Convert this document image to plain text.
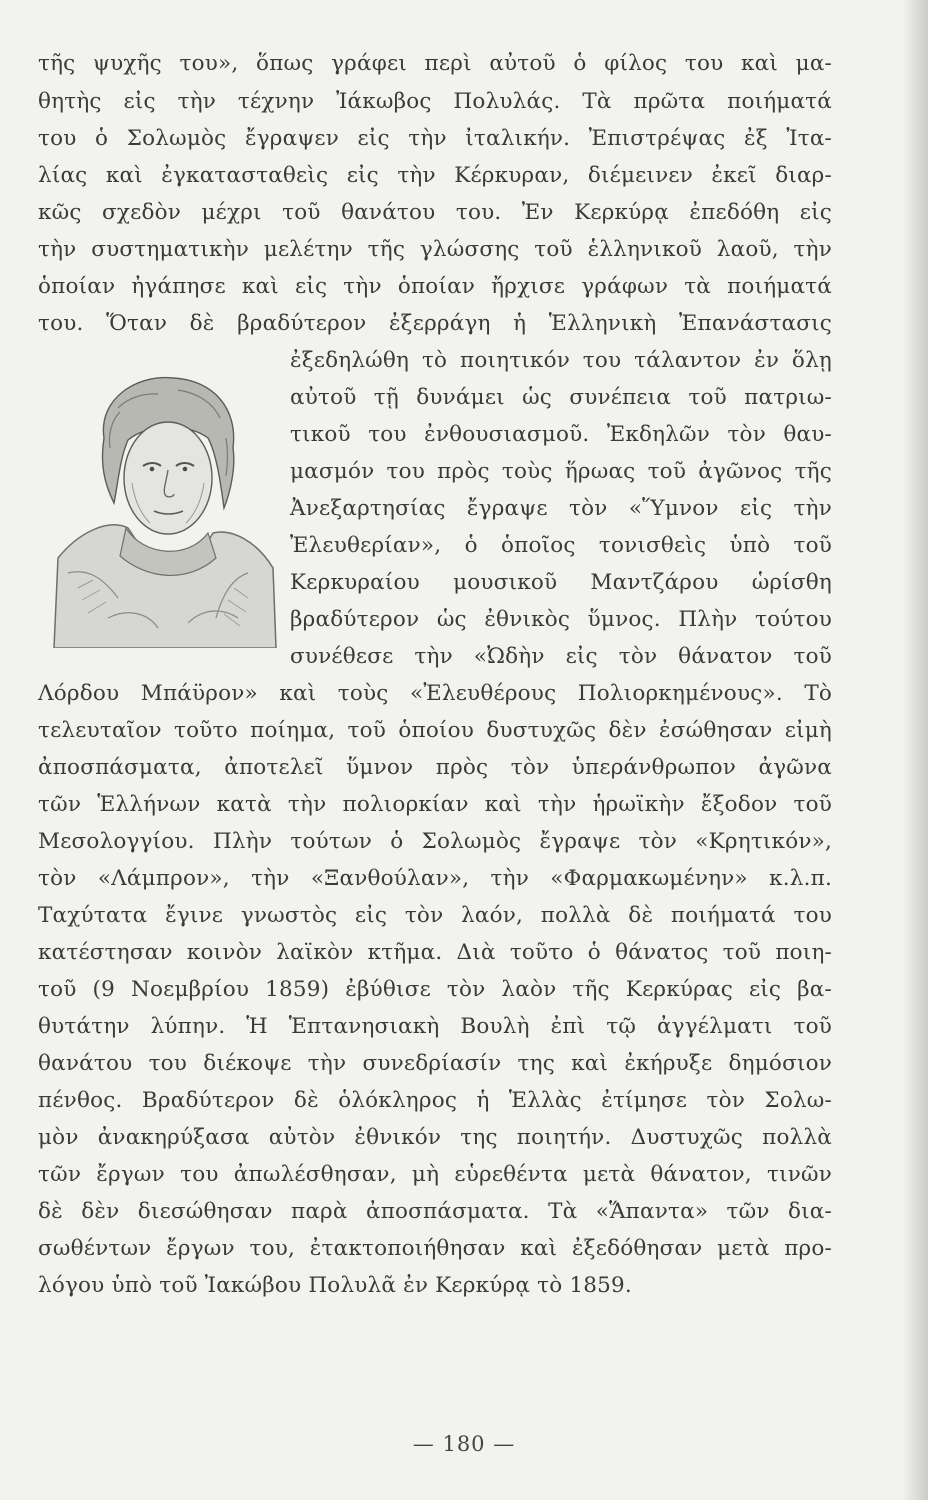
τῆς ψυχῆς του», ὅπως γράφει περὶ αὐτοῦ ὁ φίλος του καὶ μα-
θητὴς εἰς τὴν τέχνην Ἰάκωβος Πολυλάς. Τὰ πρῶτα ποιήματά
του ὁ Σολωμὸς ἔγραψεν εἰς τὴν ἰταλικήν. Ἐπιστρέψας ἐξ Ἰτα-
λίας καὶ ἐγκατασταθεὶς εἰς τὴν Κέρκυραν, διέμεινεν ἐκεῖ διαρ-
κῶς σχεδὸν μέχρι τοῦ θανάτου του. Ἐν Κερκύρᾳ ἐπεδόθη εἰς
τὴν συστηματικὴν μελέτην τῆς γλώσσης τοῦ ἑλληνικοῦ λαοῦ, τὴν
ὁποίαν ἠγάπησε καὶ εἰς τὴν ὁποίαν ἤρχισε γράφων τὰ ποιήματά
του. Ὅταν δὲ βραδύτερον ἐξερράγη ἡ Ἑλληνικὴ Ἐπανάστασις
ἐξεδηλώθη τὸ ποιητικόν του τάλαντον ἐν ὅλῃ
αὐτοῦ τῇ δυνάμει ὡς συνέπεια τοῦ πατριω-
τικοῦ του ἐνθουσιασμοῦ. Ἐκδηλῶν τὸν θαυ-
μασμόν του πρὸς τοὺς ἥρωας τοῦ ἀγῶνος τῆς
Ἀνεξαρτησίας ἔγραψε τὸν «Ὕμνον εἰς τὴν
Ἐλευθερίαν», ὁ ὁποῖος τονισθεὶς ὑπὸ τοῦ
Κερκυραίου μουσικοῦ Μαντζάρου ὡρίσθη
βραδύτερον ὡς ἐθνικὸς ὕμνος. Πλὴν τούτου
συνέθεσε τὴν «Ὠδὴν εἰς τὸν θάνατον τοῦ
Λόρδου Μπάϋρον» καὶ τοὺς «Ἐλευθέρους Πολιορκημένους». Τὸ
τελευταῖον τοῦτο ποίημα, τοῦ ὁποίου δυστυχῶς δὲν ἐσώθησαν εἰμὴ
ἀποσπάσματα, ἀποτελεῖ ὕμνον πρὸς τὸν ὑπεράνθρωπον ἀγῶνα
τῶν Ἑλλήνων κατὰ τὴν πολιορκίαν καὶ τὴν ἡρωϊκὴν ἔξοδον τοῦ
Μεσολογγίου. Πλὴν τούτων ὁ Σολωμὸς ἔγραψε τὸν «Κρητικόν»,
τὸν «Λάμπρον», τὴν «Ξανθούλαν», τὴν «Φαρμακωμένην» κ.λ.π.
Ταχύτατα ἔγινε γνωστὸς εἰς τὸν λαόν, πολλὰ δὲ ποιήματά του
κατέστησαν κοινὸν λαϊκὸν κτῆμα. Διὰ τοῦτο ὁ θάνατος τοῦ ποιη-
τοῦ (9 Νοεμβρίου 1859) ἐβύθισε τὸν λαὸν τῆς Κερκύρας εἰς βα-
θυτάτην λύπην. Ἡ Ἑπτανησιακὴ Βουλὴ ἐπὶ τῷ ἀγγέλματι τοῦ
θανάτου του διέκοψε τὴν συνεδρίασίν της καὶ ἐκήρυξε δημόσιον
πένθος. Βραδύτερον δὲ ὁλόκληρος ἡ Ἑλλὰς ἐτίμησε τὸν Σολω-
μὸν ἀνακηρύξασα αὐτὸν ἐθνικόν της ποιητήν. Δυστυχῶς πολλὰ
τῶν ἔργων του ἀπωλέσθησαν, μὴ εὑρεθέντα μετὰ θάνατον, τινῶν
δὲ δὲν διεσώθησαν παρὰ ἀποσπάσματα. Τὰ «Ἅπαντα» τῶν δια-
σωθέντων ἔργων του, ἐτακτοποιήθησαν καὶ ἐξεδόθησαν μετὰ προ-
λόγου ὑπὸ τοῦ Ἰακώβου Πολυλᾶ ἐν Κερκύρᾳ τὸ 1859.
— 180 —
